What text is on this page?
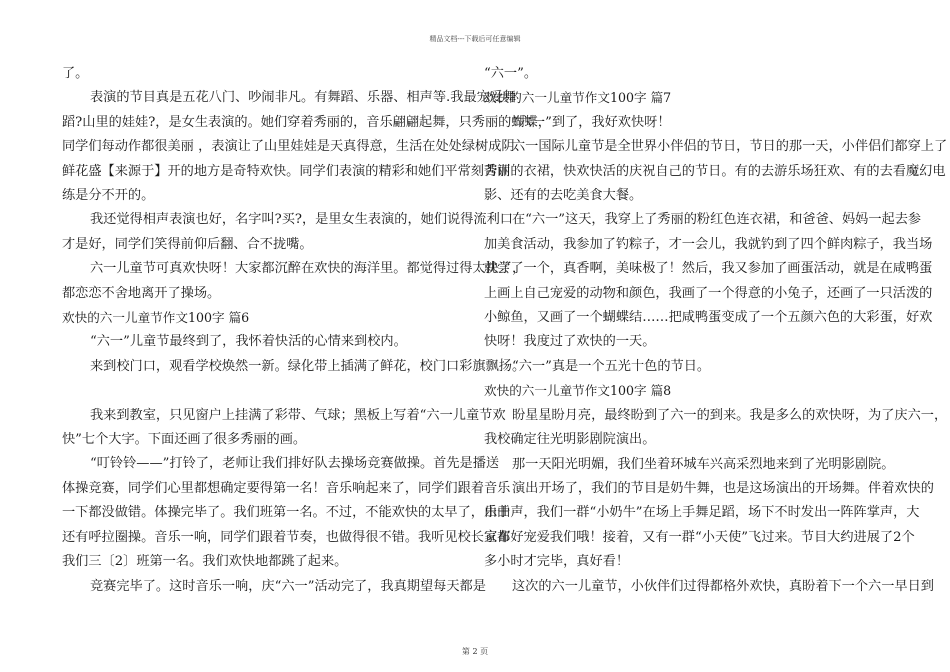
精品文档---下载后可任意编辑

了。

表演的节目真是五花八门、吵闹非凡。有舞蹈、乐器、相声等.我最宠爱舞

蹈?山里的娃娃?，是女生表演的。她们穿着秀丽的，音乐翩翩起舞，只秀丽的蝴蝶，

同学们每动作都很美丽 ，表演让了山里娃娃是天真得意，生活在处处绿树成阴、

鲜花盛【来源于】开的地方是奇特欢快。同学们表演的精彩和她们平常刻苦训

练是分不开的。

我还觉得相声表演也好，名字叫?买?，是里女生表演的，她们说得流利口

才是好，同学们笑得前仰后翻、合不拢嘴。

六一儿童节可真欢快呀！大家都沉醉在欢快的海洋里。都觉得过得太快了，

都恋恋不舍地离开了操场。

欢快的六一儿童节作文100字 篇6

“六一”儿童节最终到了，我怀着快活的心情来到校内。

来到校门口，观看学校焕然一新。绿化带上插满了鲜花，校门口彩旗飘扬。

我来到教室，只见窗户上挂满了彩带、气球；黑板上写着“六一儿童节欢

快”七个大字。下面还画了很多秀丽的画。

“叮铃铃——”打铃了，老师让我们排好队去操场竞赛做操。首先是播送

体操竞赛，同学们心里都想确定要得第一名！音乐响起来了，同学们跟着音乐

一下都没做错。体操完毕了。我们班第一名。不过，不能欢快的太早了，由于

还有呼拉圈操。音乐一响，同学们跟着节奏，也做得很不错。我听见校长宣布

我们三〔2〕班第一名。我们欢快地都跳了起来。

竞赛完毕了。这时音乐一响，庆“六一”活动完了，我真期望每天都是

“六一”。

欢快的六一儿童节作文100字 篇7

“六一”到了，我好欢快呀！

六一国际儿童节是全世界小伴侣的节日，节日的那一天，小伴侣们都穿上了

秀丽的衣裙，快欢快活的庆祝自己的节日。有的去游乐场狂欢、有的去看魔幻电

影、还有的去吃美食大餐。

在“六一”这天，我穿上了秀丽的粉红色连衣裙，和爸爸、妈妈一起去参

加美食活动，我参加了钓粽子，才一会儿，我就钓到了四个鲜肉粽子，我当场

就尝了一个，真香啊，美味极了！然后，我又参加了画蛋活动，就是在咸鸭蛋

上画上自己宠爱的动物和颜色，我画了一个得意的小兔子，还画了一只活泼的

小鲸鱼，又画了一个蝴蝶结……把咸鸭蛋变成了一个五颜六色的大彩蛋，好欢

快呀！我度过了欢快的一天。

“六一”真是一个五光十色的节日。

欢快的六一儿童节作文100字 篇8

盼星星盼月亮，最终盼到了六一的到来。我是多么的欢快呀，为了庆六一，

我校确定往光明影剧院演出。

那一天阳光明媚，我们坐着环城车兴高采烈地来到了光明影剧院。

演出开场了，我们的节目是奶牛舞，也是这场演出的开场舞。伴着欢快的

乐曲声，我们一群“小奶牛”在场上手舞足蹈，场下不时发出一阵阵掌声，大

家都好宠爱我们哦！接着，又有一群“小天使”飞过来。节目大约进展了2个

多小时才完毕，真好看！

这次的六一儿童节，小伙伴们过得都格外欢快，真盼着下一个六一早日到

第 2 页
